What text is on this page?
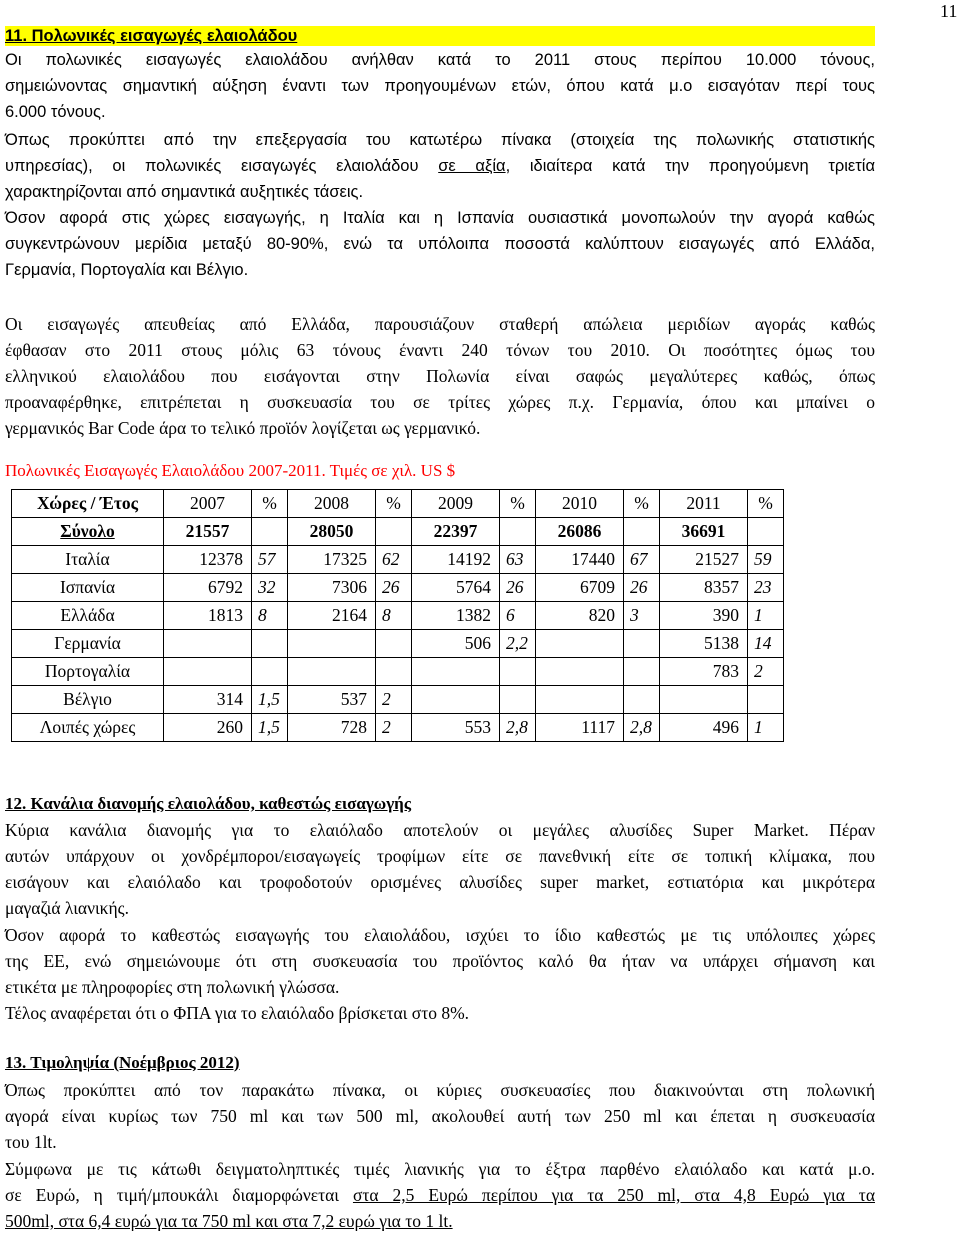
11
11. Πολωνικές εισαγωγές ελαιολάδου
Οι πολωνικές εισαγωγές ελαιολάδου ανήλθαν κατά το 2011 στους περίπου 10.000 τόνους,
σημειώνοντας σημαντική αύξηση έναντι των προηγουμένων ετών, όπου κατά μ.ο εισαγόταν περί τους
6.000 τόνους.
Όπως προκύπτει από την επεξεργασία του κατωτέρω πίνακα (στοιχεία της πολωνικής στατιστικής
υπηρεσίας), οι πολωνικές εισαγωγές ελαιολάδου σε αξία, ιδιαίτερα κατά την προηγούμενη τριετία
χαρακτηρίζονται από σημαντικά αυξητικές τάσεις.
Όσον αφορά στις χώρες εισαγωγής, η Ιταλία και η Ισπανία ουσιαστικά μονοπωλούν την αγορά καθώς
συγκεντρώνουν μερίδια μεταξύ 80-90%, ενώ τα υπόλοιπα ποσοστά καλύπτουν εισαγωγές από Ελλάδα,
Γερμανία, Πορτογαλία και Βέλγιο.
Οι εισαγωγές απευθείας από Ελλάδα, παρουσιάζουν σταθερή απώλεια μεριδίων αγοράς καθώς
έφθασαν στο 2011 στους μόλις 63 τόνους έναντι 240 τόνων του 2010. Οι ποσότητες όμως του
ελληνικού ελαιολάδου που εισάγονται στην Πολωνία είναι σαφώς μεγαλύτερες καθώς, όπως
προαναφέρθηκε, επιτρέπεται η συσκευασία του σε τρίτες χώρες π.χ. Γερμανία, όπου και μπαίνει ο
γερμανικός Bar Code άρα το τελικό προϊόν λογίζεται ως γερμανικό.
Πολωνικές Εισαγωγές Ελαιολάδου 2007-2011. Τιμές σε χιλ. US $
Χώρες / Έτος	2007	%	2008	%	2009	%	2010	%	2011	%
Σύνολο	21557		28050		22397		26086		36691	
Ιταλία	12378	57	17325	62	14192	63	17440	67	21527	59
Ισπανία	6792	32	7306	26	5764	26	6709	26	8357	23
Ελλάδα	1813	8	2164	8	1382	6	820	3	390	1
Γερμανία					506	2,2			5138	14
Πορτογαλία									783	2
Βέλγιο	314	1,5	537	2						
Λοιπές χώρες	260	1,5	728	2	553	2,8	1117	2,8	496	1
12. Κανάλια διανομής ελαιολάδου, καθεστώς εισαγωγής
Κύρια κανάλια διανομής για το ελαιόλαδο αποτελούν οι μεγάλες αλυσίδες Super Market. Πέραν
αυτών υπάρχουν οι χονδρέμποροι/εισαγωγείς τροφίμων είτε σε πανεθνική είτε σε τοπική κλίμακα, που
εισάγουν και ελαιόλαδο και τροφοδοτούν ορισμένες αλυσίδες super market, εστιατόρια και μικρότερα
μαγαζιά λιανικής.
Όσον αφορά το καθεστώς εισαγωγής του ελαιολάδου, ισχύει το ίδιο καθεστώς με τις υπόλοιπες χώρες
της ΕΕ, ενώ σημειώνουμε ότι στη συσκευασία του προϊόντος καλό θα ήταν να υπάρχει σήμανση και
ετικέτα με πληροφορίες στη πολωνική γλώσσα.
Τέλος αναφέρεται ότι ο ΦΠΑ για το ελαιόλαδο βρίσκεται στο 8%.
13. Τιμοληψία (Νοέμβριος 2012)
Όπως προκύπτει από τον παρακάτω πίνακα, οι κύριες συσκευασίες που διακινούνται στη πολωνική
αγορά είναι κυρίως των 750 ml και των 500 ml, ακολουθεί αυτή των 250 ml και έπεται η συσκευασία
του 1lt.
Σύμφωνα με τις κάτωθι δειγματοληπτικές τιμές λιανικής για το έξτρα παρθένο ελαιόλαδο και κατά μ.ο.
σε Ευρώ, η τιμή/μπουκάλι διαμορφώνεται στα 2,5 Ευρώ περίπου για τα 250 ml, στα 4,8 Ευρώ για τα
500ml, στα 6,4 ευρώ για τα 750 ml και στα 7,2 ευρώ για το 1 lt.
